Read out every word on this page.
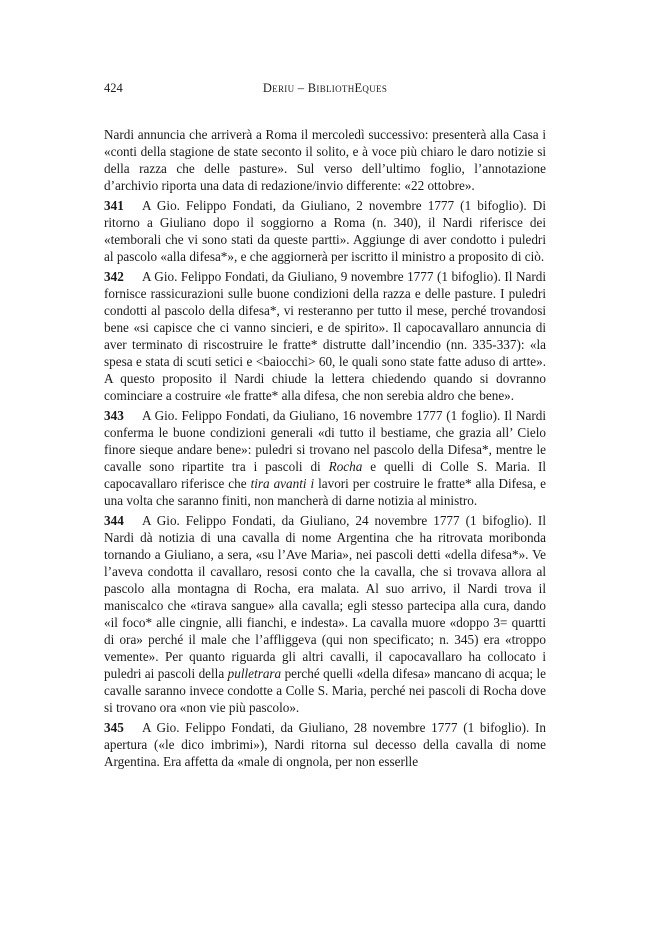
424	Deriu – BibliothEques

Nardi annuncia che arriverà a Roma il mercoledì successivo: presenterà alla Casa i «conti della stagione de state seconto il solito, e à voce più chiaro le daro notizie si della razza che delle pasture». Sul verso dell’ultimo foglio, l’annotazione d’archivio riporta una data di redazione/invio differente: «22 ottobre».

341 A Gio. Felippo Fondati, da Giuliano, 2 novembre 1777 (1 bifoglio). Di ritorno a Giuliano dopo il soggiorno a Roma (n. 340), il Nardi riferisce dei «temborali che vi sono stati da queste partti». Aggiunge di aver condotto i puledri al pascolo «alla difesa*», e che aggiornerà per iscritto il ministro a proposito di ciò.

342 A Gio. Felippo Fondati, da Giuliano, 9 novembre 1777 (1 bifoglio). Il Nardi fornisce rassicurazioni sulle buone condizioni della razza e delle pasture. I puledri condotti al pascolo della difesa*, vi resteranno per tutto il mese, perché trovandosi bene «si capisce che ci vanno sincieri, e de spirito». Il capocavallaro annuncia di aver terminato di riscostruire le fratte* distrutte dall’incendio (nn. 335-337): «la spesa e stata di scuti setici e <baiocchi> 60, le quali sono state fatte aduso di artte». A questo proposito il Nardi chiude la lettera chiedendo quando si dovranno cominciare a costruire «le fratte* alla difesa, che non serebia aldro che bene».

343 A Gio. Felippo Fondati, da Giuliano, 16 novembre 1777 (1 foglio). Il Nardi conferma le buone condizioni generali «di tutto il bestiame, che grazia all’ Cielo finore sieque andare bene»: puledri si trovano nel pascolo della Difesa*, mentre le cavalle sono ripartite tra i pascoli di Rocha e quelli di Colle S. Maria. Il capocavallaro riferisce che tira avanti i lavori per costruire le fratte* alla Difesa, e una volta che saranno finiti, non mancherà di darne notizia al ministro.

344 A Gio. Felippo Fondati, da Giuliano, 24 novembre 1777 (1 bifoglio). Il Nardi dà notizia di una cavalla di nome Argentina che ha ritrovata moribonda tornando a Giuliano, a sera, «su l’Ave Maria», nei pascoli detti «della difesa*». Ve l’aveva condotta il cavallaro, resosi conto che la cavalla, che si trovava allora al pascolo alla montagna di Rocha, era malata. Al suo arrivo, il Nardi trova il maniscalco che «tirava sangue» alla cavalla; egli stesso partecipa alla cura, dando «il foco* alle cingnie, alli fianchi, e indesta». La cavalla muore «doppo 3= quartti di ora» perché il male che l’affliggeva (qui non specificato; n. 345) era «troppo vemente». Per quanto riguarda gli altri cavalli, il capocavallaro ha collocato i puledri ai pascoli della pulletrara perché quelli «della difesa» mancano di acqua; le cavalle saranno invece condotte a Colle S. Maria, perché nei pascoli di Rocha dove si trovano ora «non vie più pascolo».

345 A Gio. Felippo Fondati, da Giuliano, 28 novembre 1777 (1 bifoglio). In apertura («le dico imbrimi»), Nardi ritorna sul decesso della cavalla di nome Argentina. Era affetta da «male di ongnola, per non esserlle
